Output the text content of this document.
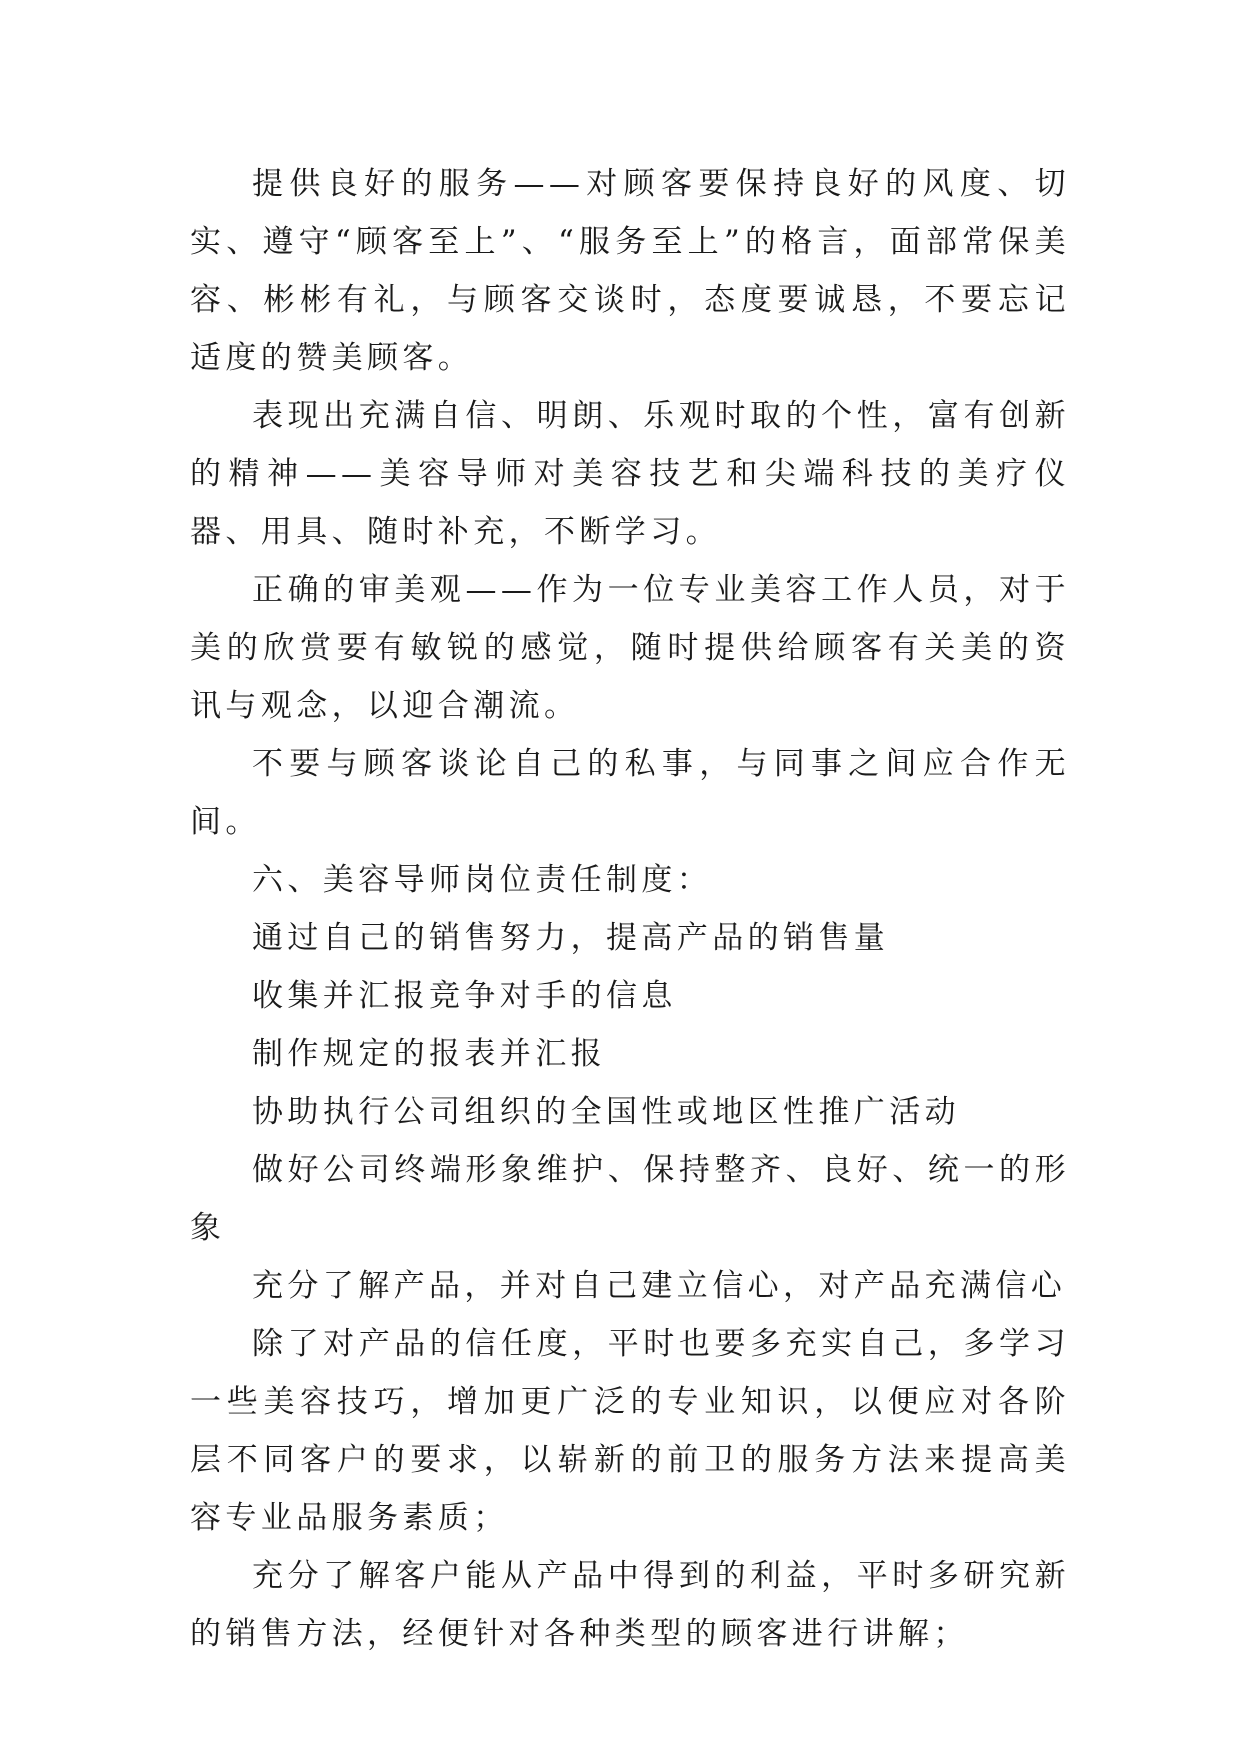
提供良好的服务——对顾客要保持良好的风度、切实、遵守“顾客至上”、“服务至上”的格言，面部常保美容、彬彬有礼，与顾客交谈时，态度要诚恳，不要忘记适度的赞美顾客。

表现出充满自信、明朗、乐观时取的个性，富有创新的精神——美容导师对美容技艺和尖端科技的美疗仪器、用具、随时补充，不断学习。

正确的审美观——作为一位专业美容工作人员，对于美的欣赏要有敏锐的感觉，随时提供给顾客有关美的资讯与观念，以迎合潮流。

不要与顾客谈论自己的私事，与同事之间应合作无间。

六、美容导师岗位责任制度：

通过自己的销售努力，提高产品的销售量

收集并汇报竞争对手的信息

制作规定的报表并汇报

协助执行公司组织的全国性或地区性推广活动

做好公司终端形象维护、保持整齐、良好、统一的形象

充分了解产品，并对自己建立信心，对产品充满信心

除了对产品的信任度，平时也要多充实自己，多学习一些美容技巧，增加更广泛的专业知识，以便应对各阶层不同客户的要求，以崭新的前卫的服务方法来提高美容专业品服务素质；

充分了解客户能从产品中得到的利益，平时多研究新的销售方法，经便针对各种类型的顾客进行讲解；
